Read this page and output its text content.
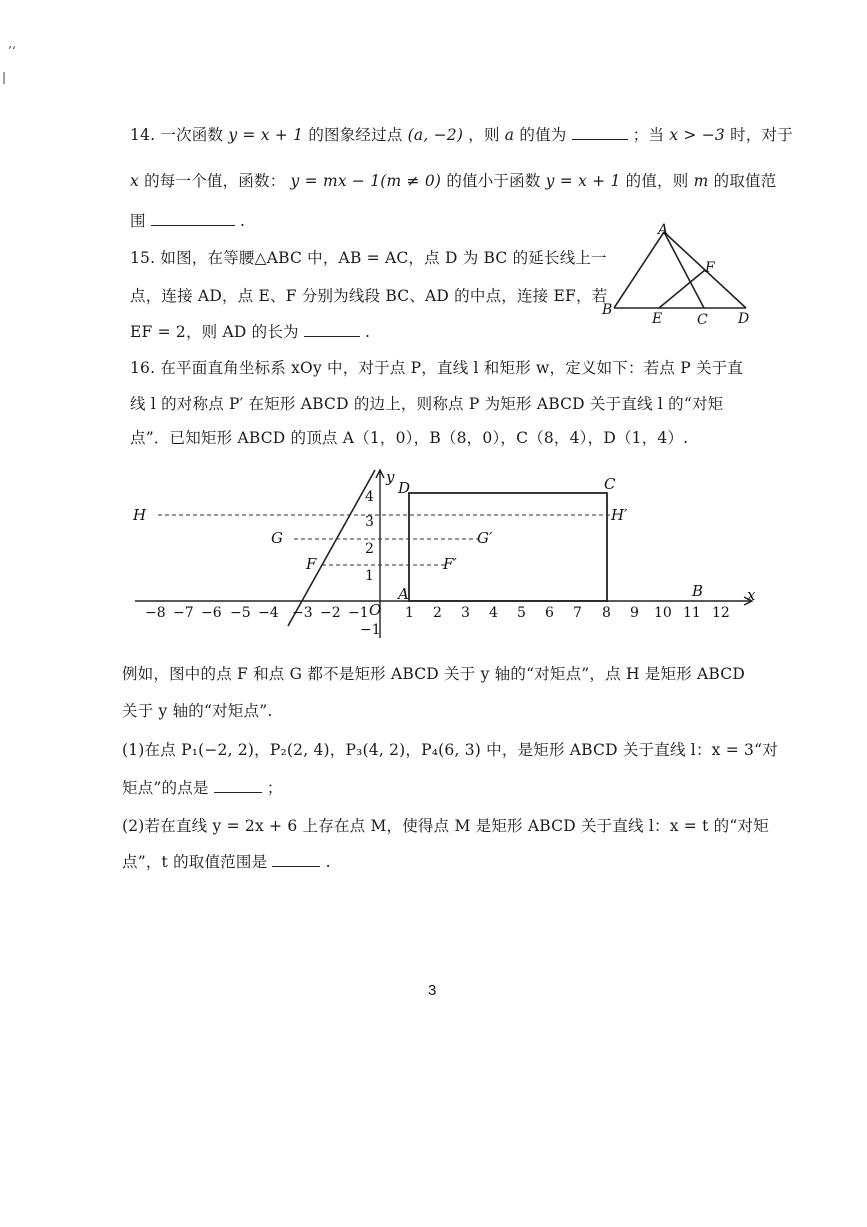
’‘
|
14. 一次函数 y = x + 1 的图象经过点 (a, −2) ，则 a 的值为	；当 x > −3 时，对于
x 的每一个值，函数： y = mx − 1(m ≠ 0) 的值小于函数 y = x + 1 的值，则 m 的取值范
围	.
15. 如图，在等腰△ABC 中，AB = AC，点 D 为 BC 的延长线上一
点，连接 AD，点 E、F 分别为线段 BC、AD 的中点，连接 EF，若
EF = 2，则 AD 的长为	.
A
B
C D
E
F
16. 在平面直角坐标系 xOy 中，对于点 P，直线 l 和矩形 w，定义如下：若点 P 关于直
线 l 的对称点 P′ 在矩形 ABCD 的边上，则称点 P 为矩形 ABCD 关于直线 l 的“对矩
点”．已知矩形 ABCD 的顶点 A（1，0），B（8，0），C（8，4），D（1，4）.
−8 −7 −6 −5 −4 −3 −2 −1	1 2 3 4 5 6 7 8 9 10 11 12
1
2
3
4
−1
x
y
O
A	B
C
D
F	F′
G	G′
H	H′
例如，图中的点 F 和点 G 都不是矩形 ABCD 关于 y 轴的“对矩点”，点 H 是矩形 ABCD
关于 y 轴的“对矩点”.
(1)在点 P₁(−2, 2)，P₂(2, 4)，P₃(4, 2)，P₄(6, 3) 中，是矩形 ABCD 关于直线 l：x = 3“对
矩点”的点是	；
(2)若在直线 y = 2x + 6 上存在点 M，使得点 M 是矩形 ABCD 关于直线 l：x = t 的“对矩
点”，t 的取值范围是	.
3
